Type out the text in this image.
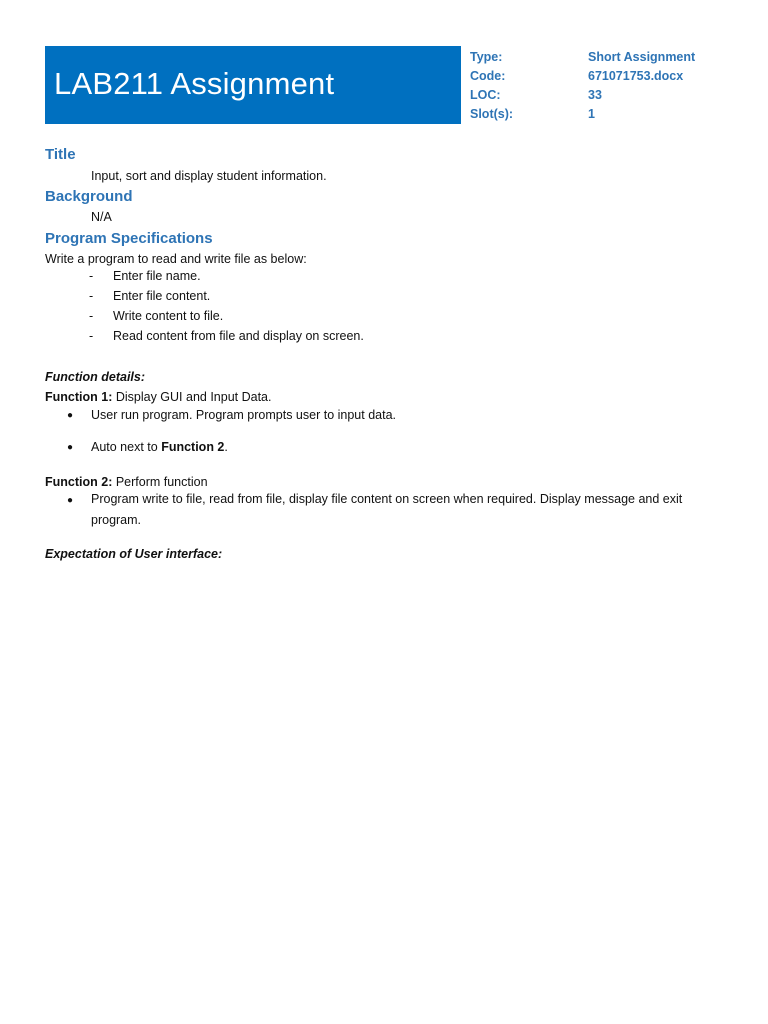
LAB211 Assignment
Type:	Short Assignment
Code:	671071753.docx
LOC:	33
Slot(s):	1
Title
Input, sort and display student information.
Background
N/A
Program Specifications
Write a program to read and write file as below:
- Enter file name.
- Enter file content.
- Write content to file.
- Read content from file and display on screen.
Function details:
Function 1: Display GUI and Input Data.
● User run program. Program prompts user to input data.
● Auto next to Function 2.
Function 2: Perform function
● Program write to file, read from file, display file content on screen when required. Display message and exit program.
Expectation of User interface:
